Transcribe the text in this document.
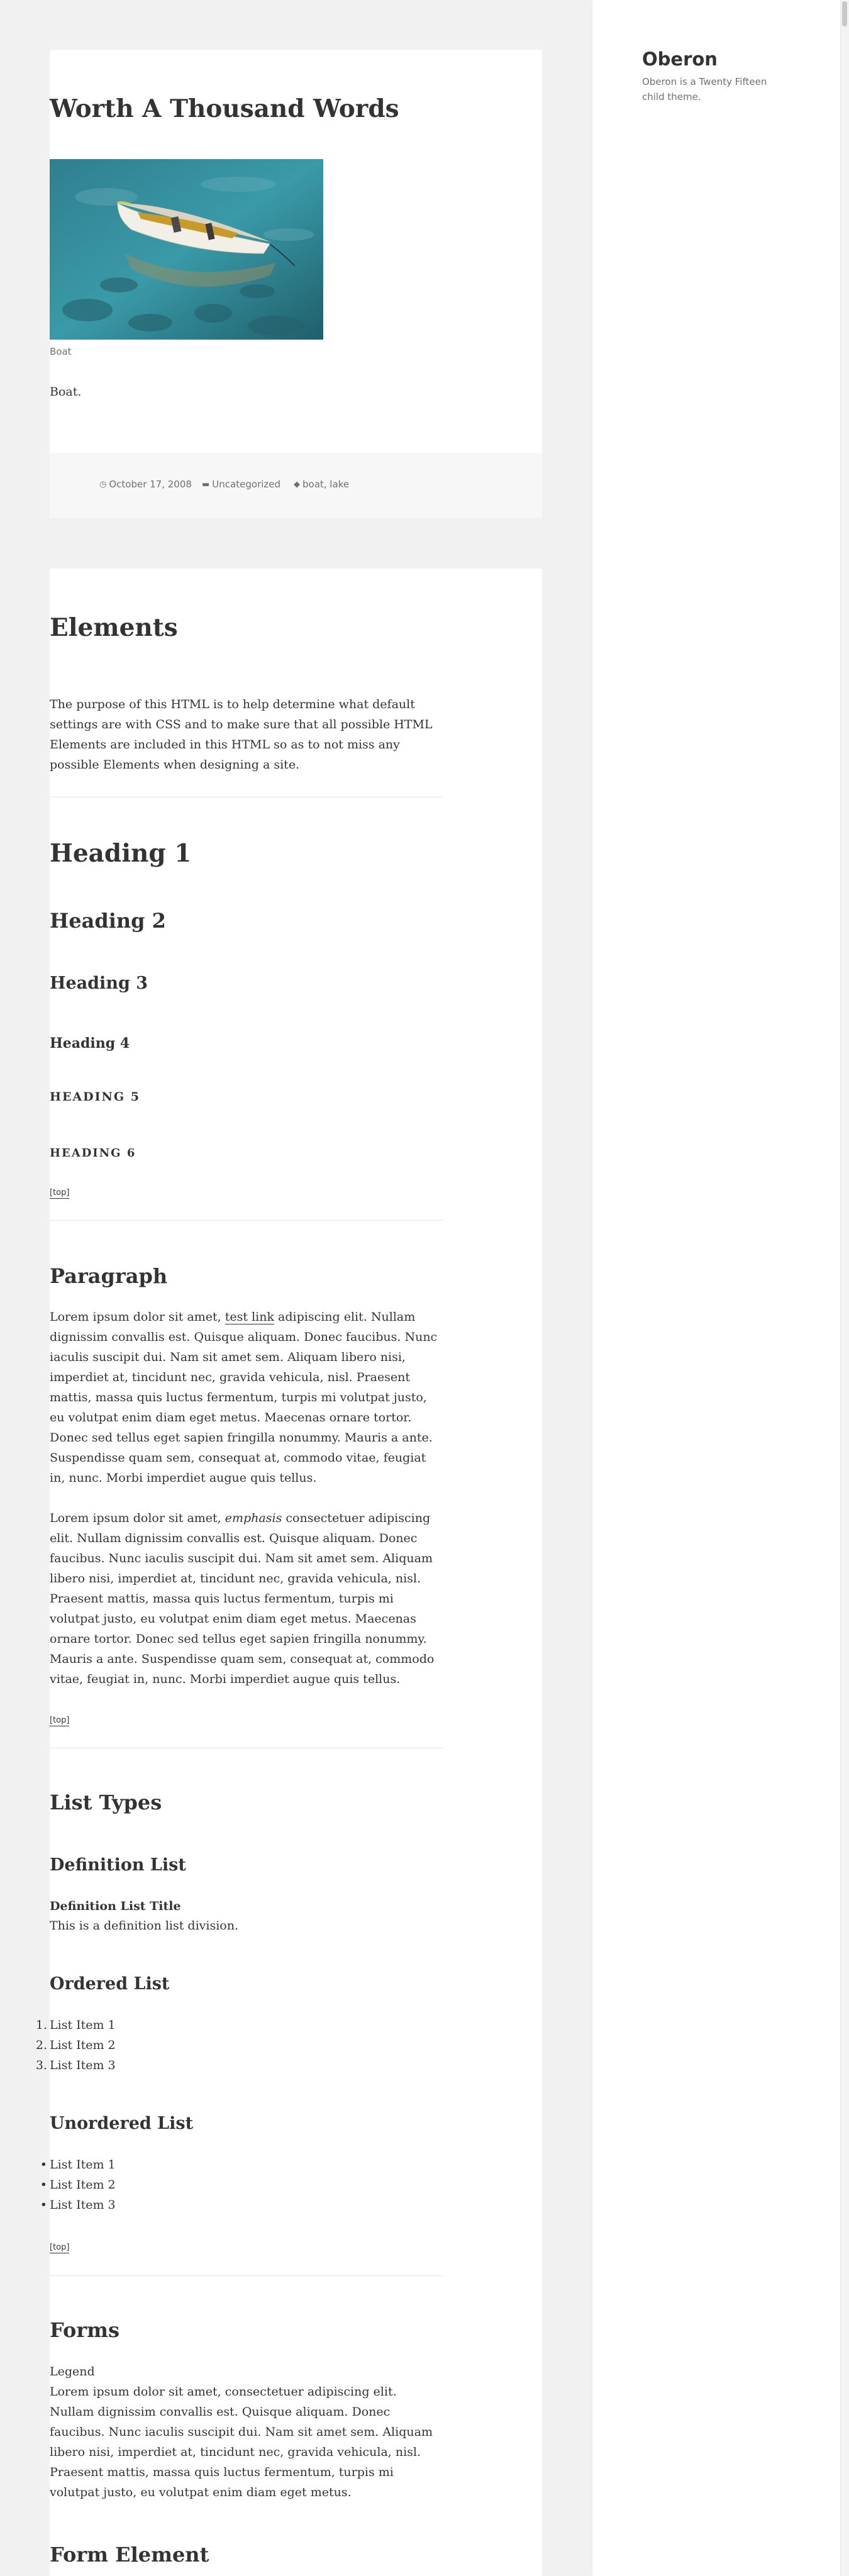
Oberon
Oberon is a Twenty Fifteen child theme.
Worth A Thousand Words
Boat

Boat.

◷ October 17, 2008 ▬ Uncategorized ◆ boat, lake
Elements

The purpose of this HTML is to help determine what default settings are with CSS and to make sure that all possible HTML Elements are included in this HTML so as to not miss any possible Elements when designing a site.

Heading 1
Heading 2
Heading 3
Heading 4
HEADING 5
HEADING 6
[top]
Paragraph

Lorem ipsum dolor sit amet, test link adipiscing elit. Nullam dignissim convallis est. Quisque aliquam. Donec faucibus. Nunc iaculis suscipit dui. Nam sit amet sem. Aliquam libero nisi, imperdiet at, tincidunt nec, gravida vehicula, nisl. Praesent mattis, massa quis luctus fermentum, turpis mi volutpat justo, eu volutpat enim diam eget metus. Maecenas ornare tortor. Donec sed tellus eget sapien fringilla nonummy. Mauris a ante. Suspendisse quam sem, consequat at, commodo vitae, feugiat in, nunc. Morbi imperdiet augue quis tellus.

Lorem ipsum dolor sit amet, emphasis consectetuer adipiscing elit. Nullam dignissim convallis est. Quisque aliquam. Donec faucibus. Nunc iaculis suscipit dui. Nam sit amet sem. Aliquam libero nisi, imperdiet at, tincidunt nec, gravida vehicula, nisl. Praesent mattis, massa quis luctus fermentum, turpis mi volutpat justo, eu volutpat enim diam eget metus. Maecenas ornare tortor. Donec sed tellus eget sapien fringilla nonummy. Mauris a ante. Suspendisse quam sem, consequat at, commodo vitae, feugiat in, nunc. Morbi imperdiet augue quis tellus.

[top]
List Types
Definition List
Definition List Title
This is a definition list division.
Ordered List
1. List Item 1
2. List Item 2
3. List Item 3
Unordered List
• List Item 1
• List Item 2
• List Item 3
[top]
Forms
Legend

Lorem ipsum dolor sit amet, consectetuer adipiscing elit. Nullam dignissim convallis est. Quisque aliquam. Donec faucibus. Nunc iaculis suscipit dui. Nam sit amet sem. Aliquam libero nisi, imperdiet at, tincidunt nec, gravida vehicula, nisl. Praesent mattis, massa quis luctus fermentum, turpis mi volutpat justo, eu volutpat enim diam eget metus.

Form Element
